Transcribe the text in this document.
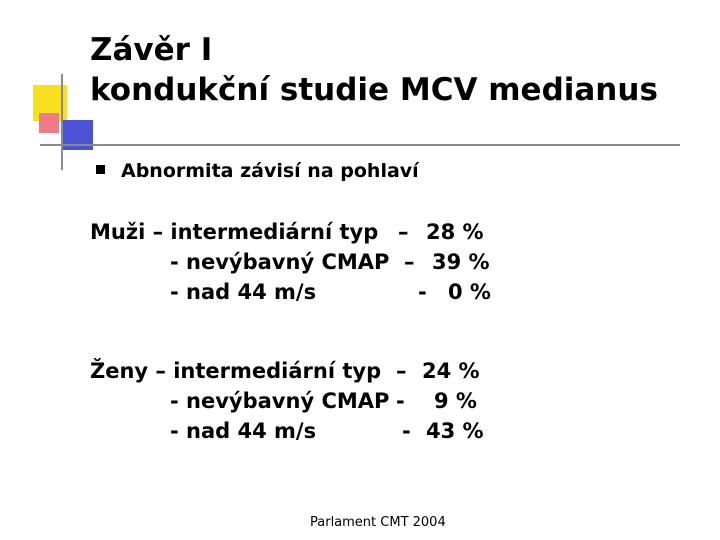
Závěr I
kondukční studie MCV medianus
Abnormita závisí na pohlaví
Muži – intermediární typ – 28 %
- nevýbavný CMAP – 39 %
- nad 44 m/s	- 0 %
Ženy – intermediární typ – 24 %
- nevýbavný CMAP - 9 %
- nad 44 m/s	- 43 %
Parlament CMT 2004
